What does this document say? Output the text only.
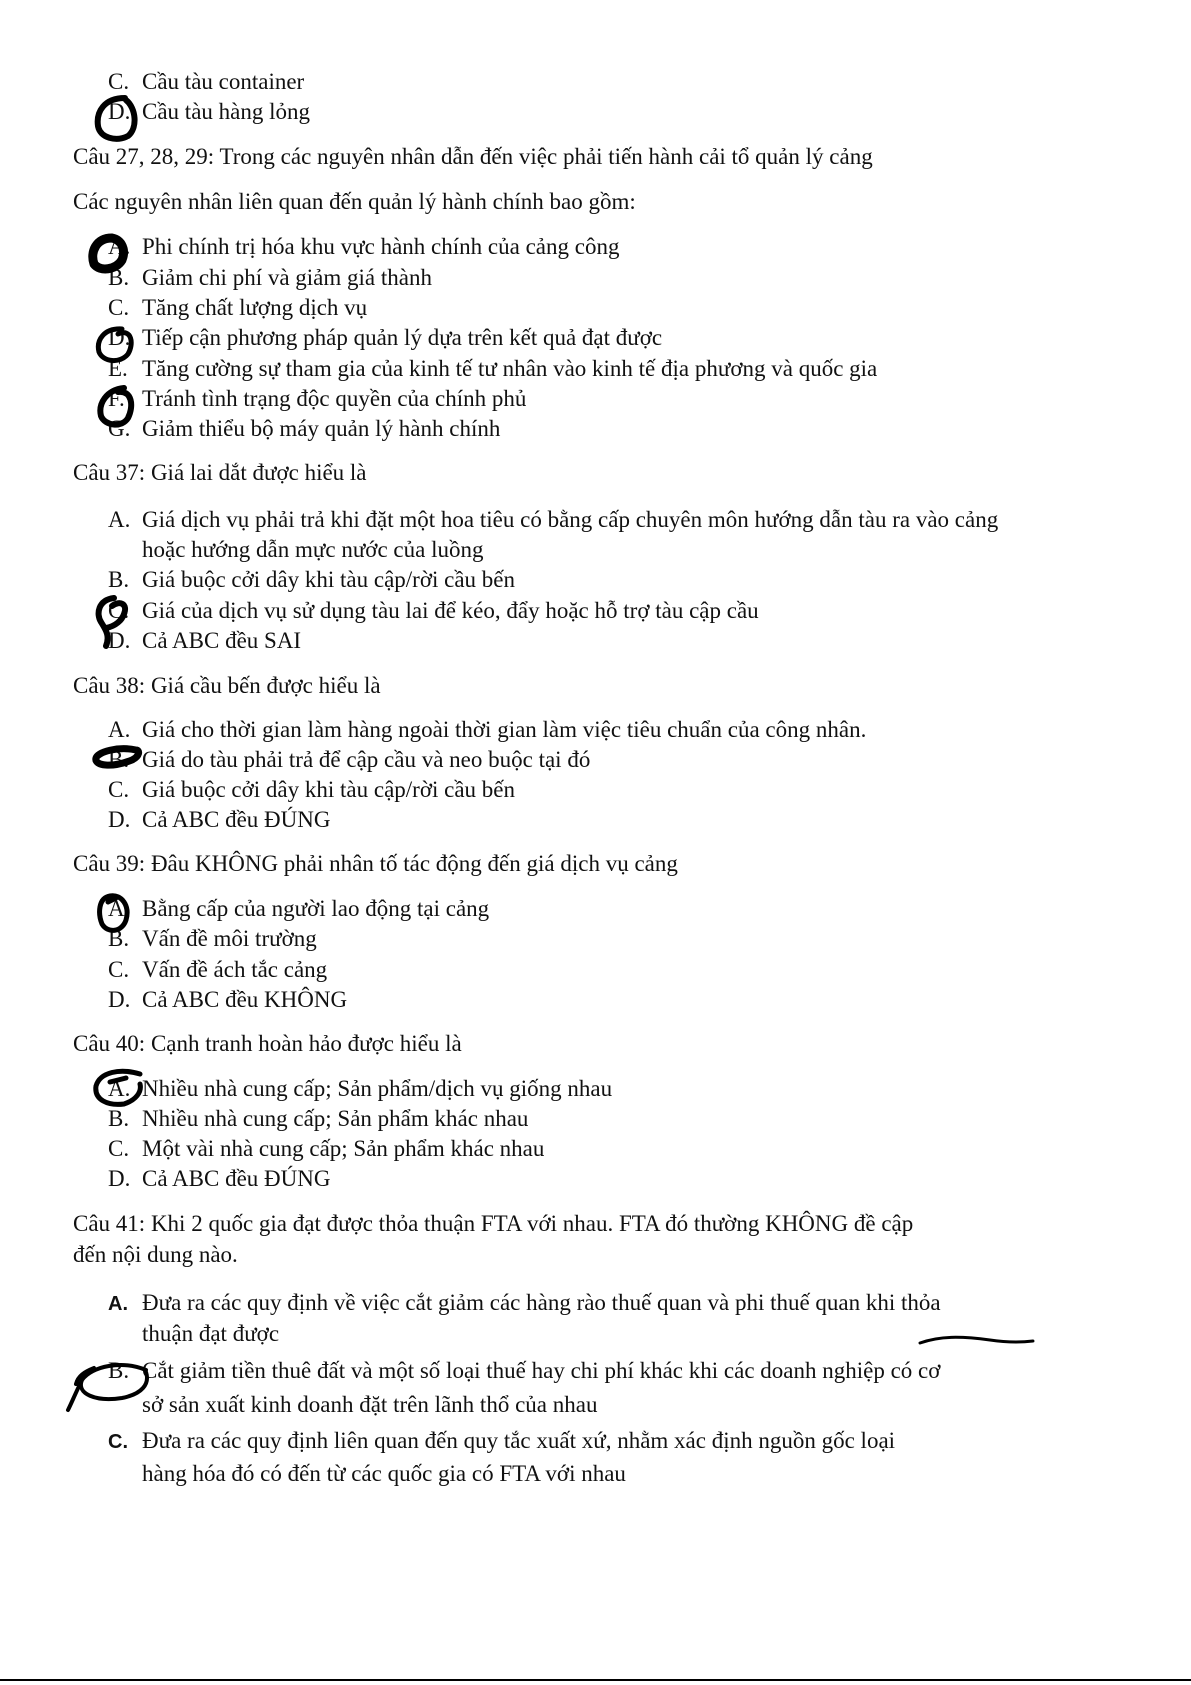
C. Cầu tàu container
D. Cầu tàu hàng lỏng
Câu 27, 28, 29: Trong các nguyên nhân dẫn đến việc phải tiến hành cải tổ quản lý cảng
Các nguyên nhân liên quan đến quản lý hành chính bao gồm:
A. Phi chính trị hóa khu vực hành chính của cảng công
B. Giảm chi phí và giảm giá thành
C. Tăng chất lượng dịch vụ
D. Tiếp cận phương pháp quản lý dựa trên kết quả đạt được
E. Tăng cường sự tham gia của kinh tế tư nhân vào kinh tế địa phương và quốc gia
F. Tránh tình trạng độc quyền của chính phủ
G. Giảm thiểu bộ máy quản lý hành chính
Câu 37: Giá lai dắt được hiểu là
A. Giá dịch vụ phải trả khi đặt một hoa tiêu có bằng cấp chuyên môn hướng dẫn tàu ra vào cảng
hoặc hướng dẫn mực nước của luồng
B. Giá buộc cởi dây khi tàu cập/rời cầu bến
C. Giá của dịch vụ sử dụng tàu lai để kéo, đẩy hoặc hỗ trợ tàu cập cầu
D. Cả ABC đều SAI
Câu 38: Giá cầu bến được hiểu là
A. Giá cho thời gian làm hàng ngoài thời gian làm việc tiêu chuẩn của công nhân.
B. Giá do tàu phải trả để cập cầu và neo buộc tại đó
C. Giá buộc cởi dây khi tàu cập/rời cầu bến
D. Cả ABC đều ĐÚNG
Câu 39: Đâu KHÔNG phải nhân tố tác động đến giá dịch vụ cảng
A. Bằng cấp của người lao động tại cảng
B. Vấn đề môi trường
C. Vấn đề ách tắc cảng
D. Cả ABC đều KHÔNG
Câu 40: Cạnh tranh hoàn hảo được hiểu là
A. Nhiều nhà cung cấp; Sản phẩm/dịch vụ giống nhau
B. Nhiều nhà cung cấp; Sản phẩm khác nhau
C. Một vài nhà cung cấp; Sản phẩm khác nhau
D. Cả ABC đều ĐÚNG
Câu 41: Khi 2 quốc gia đạt được thỏa thuận FTA với nhau. FTA đó thường KHÔNG đề cập
đến nội dung nào.
A. Đưa ra các quy định về việc cắt giảm các hàng rào thuế quan và phi thuế quan khi thỏa
thuận đạt được
B. Cắt giảm tiền thuê đất và một số loại thuế hay chi phí khác khi các doanh nghiệp có cơ
sở sản xuất kinh doanh đặt trên lãnh thổ của nhau
C. Đưa ra các quy định liên quan đến quy tắc xuất xứ, nhằm xác định nguồn gốc loại
hàng hóa đó có đến từ các quốc gia có FTA với nhau
